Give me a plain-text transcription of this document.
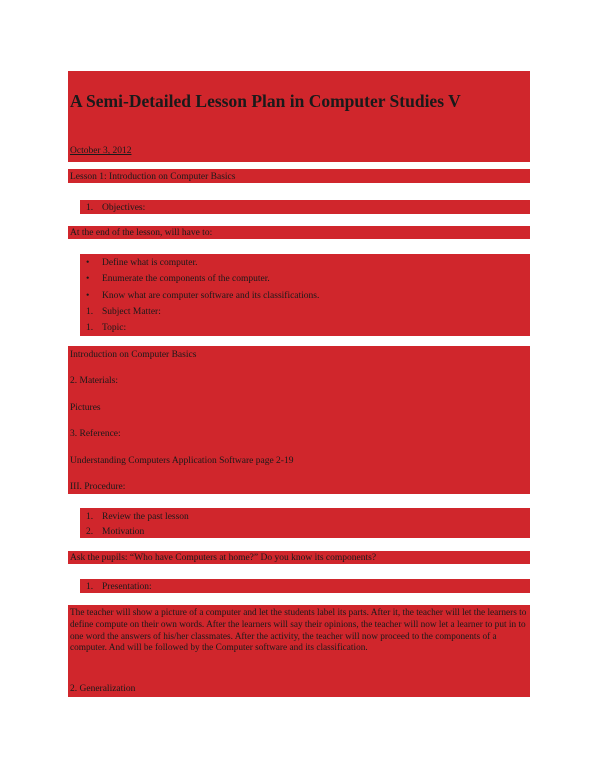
A Semi-Detailed Lesson Plan in Computer Studies V
October 3, 2012
Lesson 1: Introduction on Computer Basics
1. Objectives:
At the end of the lesson, will have to:
• Define what is computer.
• Enumerate the components of the computer.
• Know what are computer software and its classifications.
1. Subject Matter:
1. Topic:
Introduction on Computer Basics
2. Materials:
Pictures
3. Reference:
Understanding Computers Application Software page 2-19
III. Procedure:
1. Review the past lesson
2. Motivation
Ask the pupils: “Who have Computers at home?” Do you know its components?
1. Presentation:
The teacher will show a picture of a computer and let the students label its parts. After it, the teacher will let the learners to define compute on their own words. After the learners will say their opinions, the teacher will now let a learner to put in to one word the answers of his/her classmates. After the activity, the teacher will now proceed to the components of a computer. And will be followed by the Computer software and its classification.
2. Generalization
